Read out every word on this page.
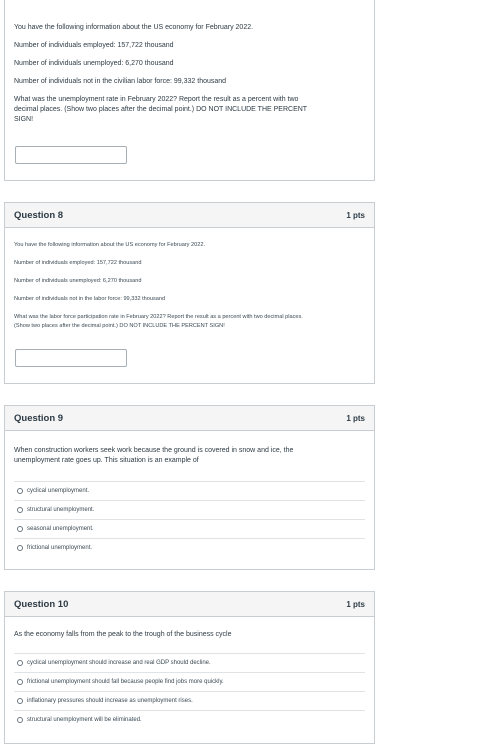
You have the following information about the US economy for February 2022.

Number of individuals employed: 157,722 thousand

Number of individuals unemployed: 6,270 thousand

Number of individuals not in the civilian labor force: 99,332 thousand

What was the unemployment rate in February 2022? Report the result as a percent with two

decimal places. (Show two places after the decimal point.) DO NOT INCLUDE THE PERCENT

SIGN!

Question 8	1 pts

You have the following information about the US economy for February 2022.

Number of individuals employed: 157,722 thousand

Number of individuals unemployed: 6,270 thousand

Number of individuals not in the labor force: 99,332 thousand

What was the labor force participation rate in February 2022? Report the result as a percent with two decimal places.

(Show two places after the decimal point.) DO NOT INCLUDE THE PERCENT SIGN!

Question 9	1 pts

When construction workers seek work because the ground is covered in snow and ice, the

unemployment rate goes up. This situation is an example of

cyclical unemployment.
structural unemployment.
seasonal unemployment.
frictional unemployment.
Question 10	1 pts

As the economy falls from the peak to the trough of the business cycle

cyclical unemployment should increase and real GDP should decline.
frictional unemployment should fall because people find jobs more quickly.
inflationary pressures should increase as unemployment rises.
structural unemployment will be eliminated.
